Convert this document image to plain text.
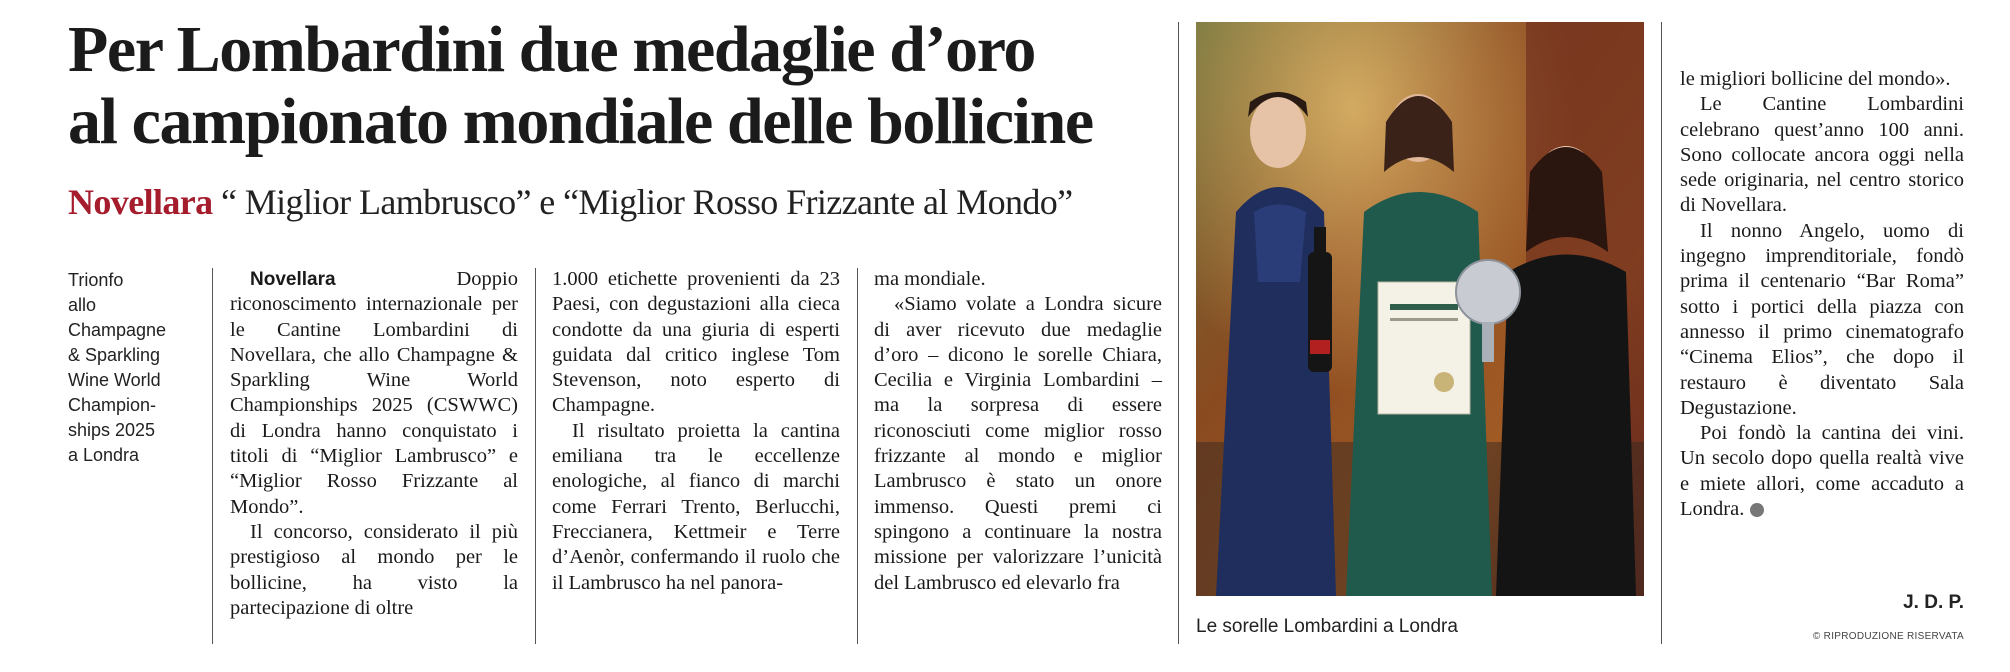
Per Lombardini due medaglie d’oro
al campionato mondiale delle bollicine
Novellara “ Miglior Lambrusco” e “Miglior Rosso Frizzante al Mondo”
Trionfo
allo
Champagne
& Sparkling
Wine World
Champion-
ships 2025
a Londra

Novellara Doppio riconoscimento internazionale per le Cantine Lombardini di Novellara, che allo Champagne & Sparkling Wine World Championships 2025 (CSWWC) di Londra hanno conquistato i titoli di “Miglior Lambrusco” e “Miglior Rosso Frizzante al Mondo”.

Il concorso, considerato il più prestigioso al mondo per le bollicine, ha visto la partecipazione di oltre

1.000 etichette provenienti da 23 Paesi, con degustazioni alla cieca condotte da una giuria di esperti guidata dal critico inglese Tom Stevenson, noto esperto di Champagne.

Il risultato proietta la cantina emiliana tra le eccellenze enologiche, al fianco di marchi come Ferrari Trento, Berlucchi, Freccianera, Kettmeir e Terre d’Aenòr, confermando il ruolo che il Lambrusco ha nel panora-

ma mondiale.

«Siamo volate a Londra sicure di aver ricevuto due medaglie d’oro – dicono le sorelle Chiara, Cecilia e Virginia Lombardini – ma la sorpresa di essere riconosciuti come miglior rosso frizzante al mondo e miglior Lambrusco è stato un onore immenso. Questi premi ci spingono a continuare la nostra missione per valorizzare l’unicità del Lambrusco ed elevarlo fra

Le sorelle Lombardini a Londra

le migliori bollicine del mondo».

Le Cantine Lombardini celebrano quest’anno 100 anni. Sono collocate ancora oggi nella sede originaria, nel centro storico di Novellara.

Il nonno Angelo, uomo di ingegno imprenditoriale, fondò prima il centenario “Bar Roma” sotto i portici della piazza con annesso il primo cinematografo “Cinema Elios”, che dopo il restauro è diventato Sala Degustazione.

Poi fondò la cantina dei vini. Un secolo dopo quella realtà vive e miete allori, come accaduto a Londra.

J. D. P.
© RIPRODUZIONE RISERVATA
